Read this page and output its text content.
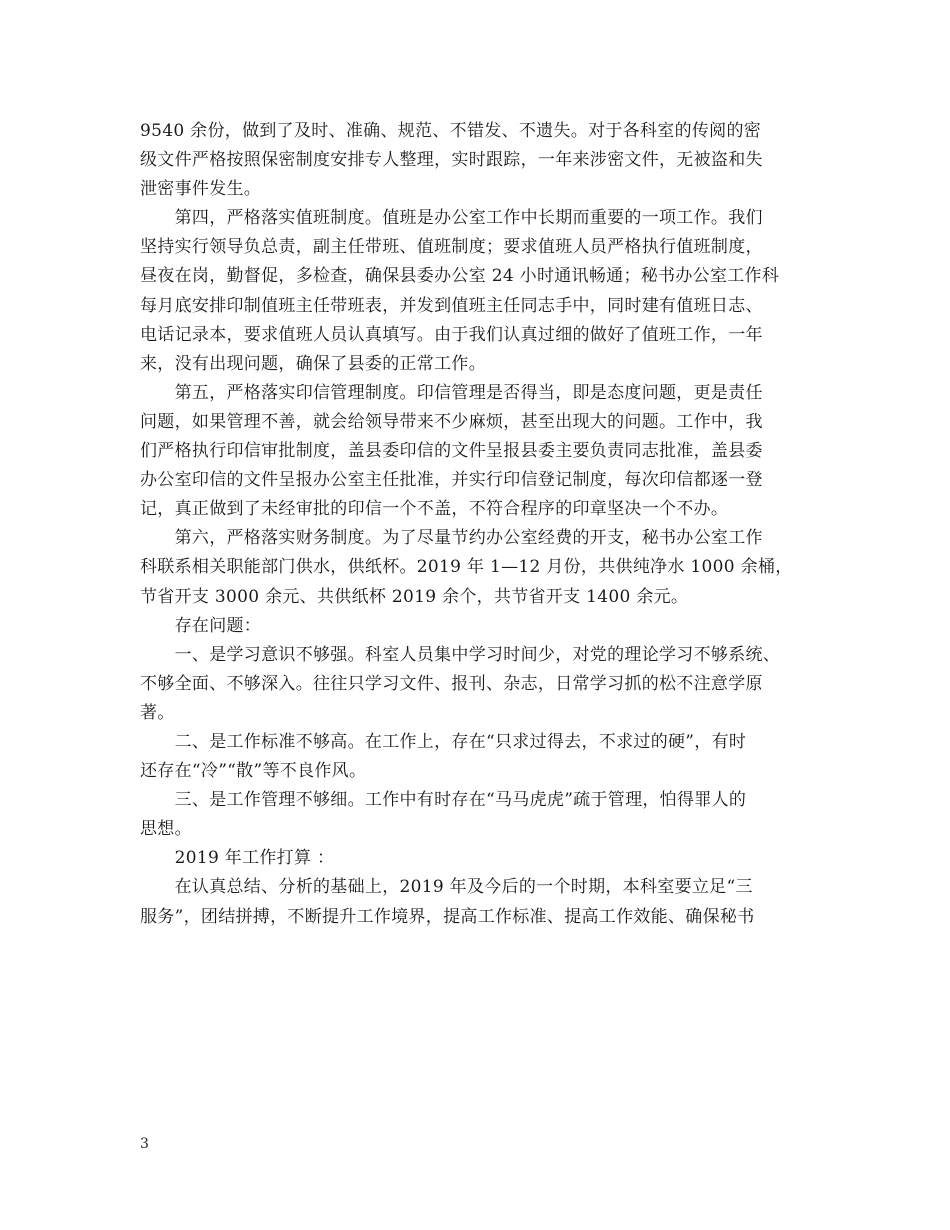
9540 余份，做到了及时、准确、规范、不错发、不遗失。对于各科室的传阅的密
级文件严格按照保密制度安排专人整理，实时跟踪，一年来涉密文件，无被盗和失
泄密事件发生。

　　第四，严格落实值班制度。值班是办公室工作中长期而重要的一项工作。我们
坚持实行领导负总责，副主任带班、值班制度；要求值班人员严格执行值班制度，
昼夜在岗，勤督促，多检查，确保县委办公室 24 小时通讯畅通；秘书办公室工作科
每月底安排印制值班主任带班表，并发到值班主任同志手中，同时建有值班日志、
电话记录本，要求值班人员认真填写。由于我们认真过细的做好了值班工作，一年
来，没有出现问题，确保了县委的正常工作。

　　第五，严格落实印信管理制度。印信管理是否得当，即是态度问题，更是责任
问题，如果管理不善，就会给领导带来不少麻烦，甚至出现大的问题。工作中，我
们严格执行印信审批制度，盖县委印信的文件呈报县委主要负责同志批准，盖县委
办公室印信的文件呈报办公室主任批准，并实行印信登记制度，每次印信都逐一登
记，真正做到了未经审批的印信一个不盖，不符合程序的印章坚决一个不办。

　　第六，严格落实财务制度。为了尽量节约办公室经费的开支，秘书办公室工作
科联系相关职能部门供水，供纸杯。2019 年 1—12 月份，共供纯净水 1000 余桶，
节省开支 3000 余元、共供纸杯 2019 余个，共节省开支 1400 余元。

　　存在问题：

　　一、是学习意识不够强。科室人员集中学习时间少，对党的理论学习不够系统、
不够全面、不够深入。往往只学习文件、报刊、杂志，日常学习抓的松不注意学原
著。

　　二、是工作标准不够高。在工作上，存在“只求过得去，不求过的硬”，有时
还存在“冷”“散”等不良作风。

　　三、是工作管理不够细。工作中有时存在“马马虎虎”疏于管理，怕得罪人的
思想。

　　2019 年工作打算 ：

　　在认真总结、分析的基础上，2019 年及今后的一个时期，本科室要立足“三
服务”，团结拼搏，不断提升工作境界，提高工作标准、提高工作效能、确保秘书

3
